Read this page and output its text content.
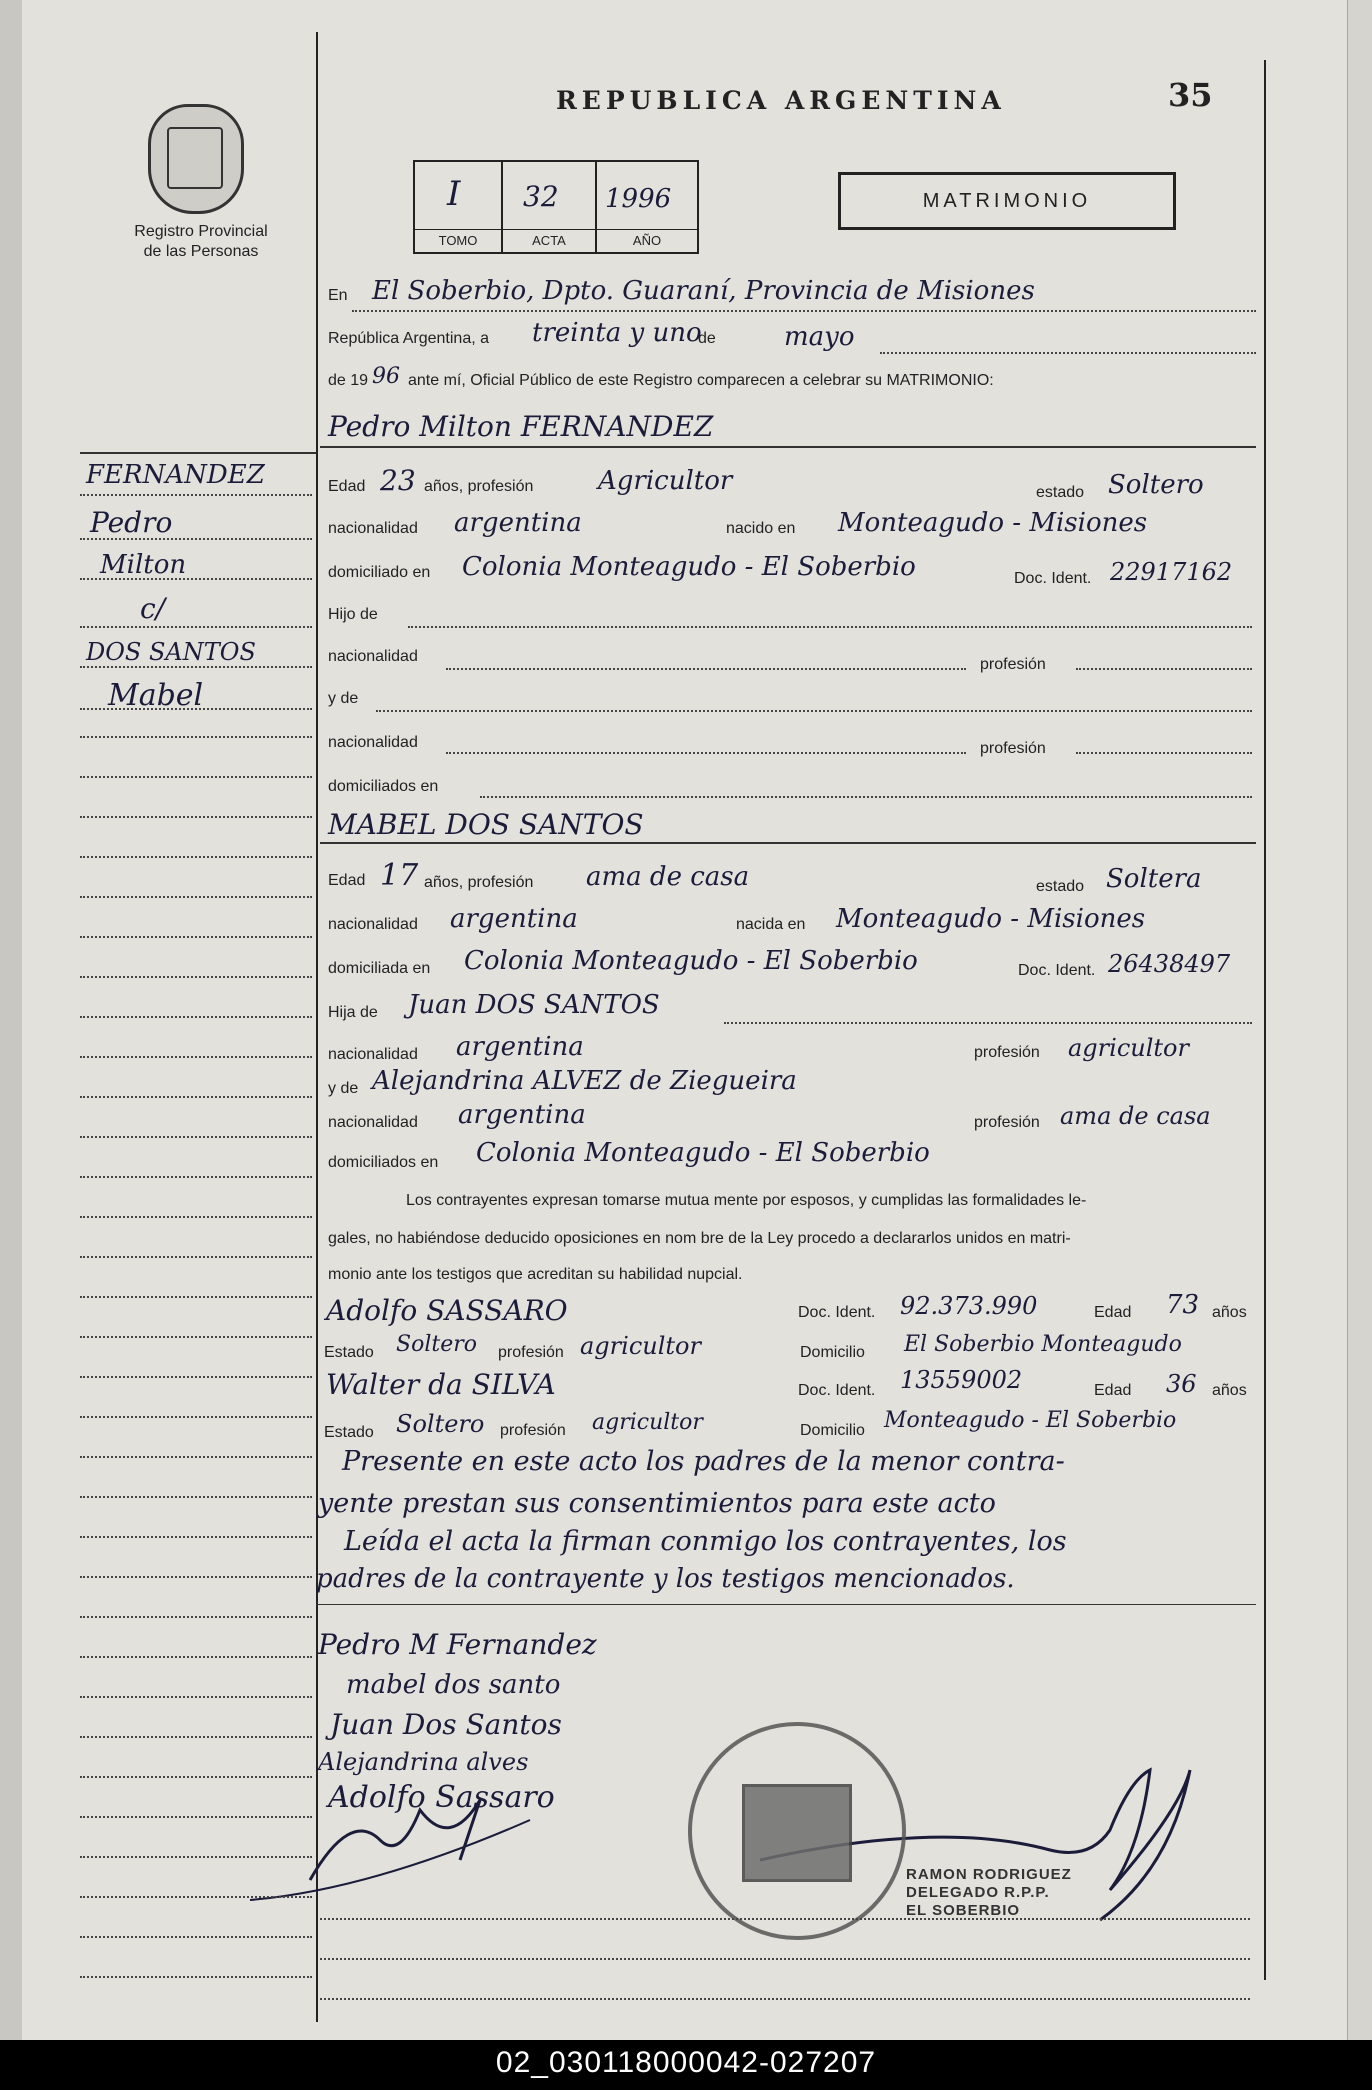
Registro Provincial
de las Personas
REPUBLICA ARGENTINA	35
I
TOMO
32
ACTA
1996
AÑO
MATRIMONIO
FERNANDEZ
Pedro
Milton
c/
DOS SANTOS
Mabel
En El Soberbio, Dpto. Guaraní, Provincia de Misiones
República Argentina, a treinta y uno
de	mayo
de 19 96 ante mí, Oficial Público de este Registro comparecen a celebrar su MATRIMONIO:
Pedro Milton FERNANDEZ
Edad 23 años, profesión Agricultor	estado Soltero
nacionalidad argentina	nacido en Monteagudo - Misiones
domiciliado en Colonia Monteagudo - El Soberbio	Doc. Ident. 22917162
Hijo de
nacionalidad	profesión
y de
nacionalidad	profesión
domiciliados en
MABEL DOS SANTOS
Edad 17 años, profesión ama de casa	estado Soltera
nacionalidad argentina	nacida en Monteagudo - Misiones
domiciliada en Colonia Monteagudo - El Soberbio	Doc. Ident. 26438497
Hija de Juan DOS SANTOS
nacionalidad argentina	profesión agricultor
y de Alejandrina ALVEZ de Ziegueira
nacionalidad argentina	profesión ama de casa
domiciliados en Colonia Monteagudo - El Soberbio
Los contrayentes expresan tomarse mutua mente por esposos, y cumplidas las formalidades le-
gales, no habiéndose deducido oposiciones en nom bre de la Ley procedo a declararlos unidos en matri-
monio ante los testigos que acreditan su habilidad nupcial.
Adolfo SASSARO	Doc. Ident. 92.373.990	Edad 73 años
Estado Soltero profesión agricultor	Domicilio El Soberbio Monteagudo
Walter da SILVA	Doc. Ident. 13559002	Edad 36 años
Estado Soltero profesión agricultor	Domicilio Monteagudo - El Soberbio
Presente en este acto los padres de la menor contra-
yente prestan sus consentimientos para este acto
Leída el acta la firman conmigo los contrayentes, los
padres de la contrayente y los testigos mencionados.
Pedro M Fernandez
mabel dos santo
Juan Dos Santos
Alejandrina alves
Adolfo Sassaro
RAMON RODRIGUEZ
DELEGADO R.P.P.
EL SOBERBIO
02_030118000042-027207
